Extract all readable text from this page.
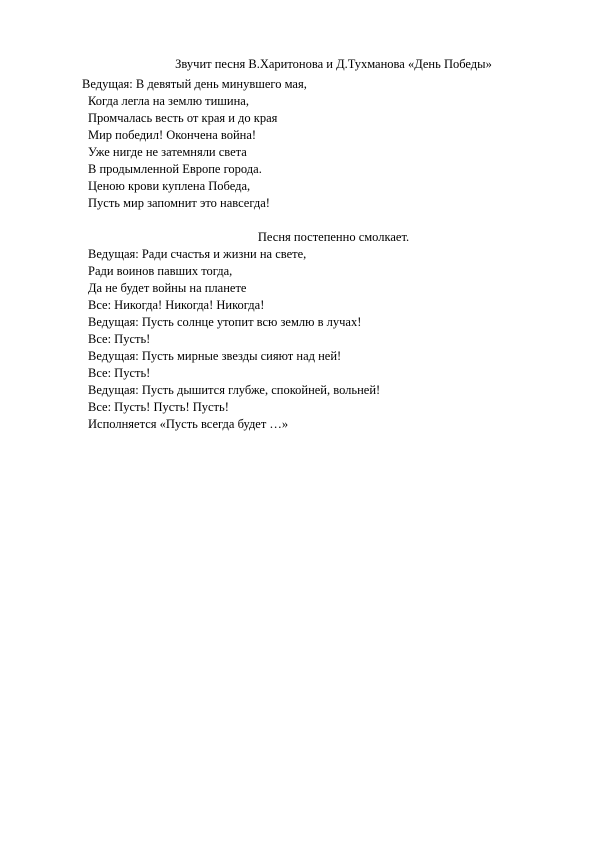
Звучит песня В.Харитонова и Д.Тухманова «День Победы»
Ведущая: В девятый день минувшего мая,
Когда легла на землю тишина,
Промчалась весть от края и до края
Мир победил! Окончена война!
Уже нигде не затемняли света
В продымленной Европе города.
Ценою крови куплена Победа,
Пусть мир запомнит это навсегда!
Песня постепенно смолкает.
Ведущая: Ради счастья и жизни на свете,
Ради воинов павших тогда,
Да не будет войны на планете
Все: Никогда! Никогда! Никогда!
Ведущая: Пусть солнце утопит всю землю в лучах!
Все: Пусть!
Ведущая: Пусть мирные звезды сияют над ней!
Все: Пусть!
Ведущая: Пусть дышится глубже, спокойней, вольней!
Все: Пусть! Пусть! Пусть!
Исполняется «Пусть всегда будет …»
